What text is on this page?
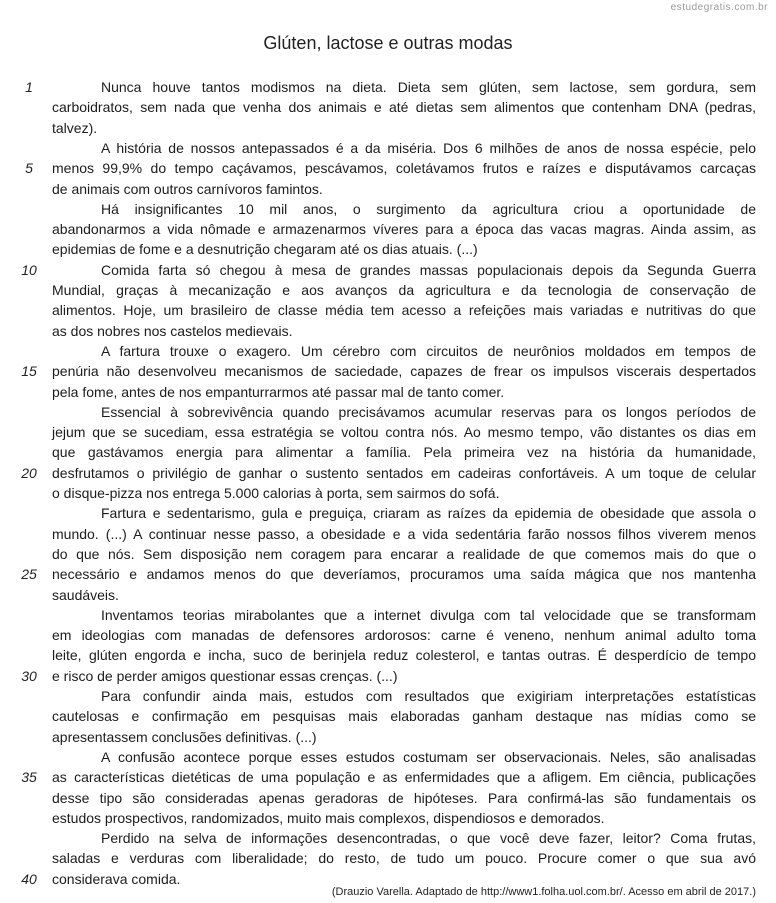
estudegratis.com.br
Glúten, lactose e outras modas
Nunca houve tantos modismos na dieta. Dieta sem glúten, sem lactose, sem gordura, sem
carboidratos, sem nada que venha dos animais e até dietas sem alimentos que contenham DNA (pedras,
talvez).
A história de nossos antepassados é a da miséria. Dos 6 milhões de anos de nossa espécie, pelo
menos 99,9% do tempo caçávamos, pescávamos, coletávamos frutos e raízes e disputávamos carcaças
de animais com outros carnívoros famintos.
Há insignificantes 10 mil anos, o surgimento da agricultura criou a oportunidade de
abandonarmos a vida nômade e armazenarmos víveres para a época das vacas magras. Ainda assim, as
epidemias de fome e a desnutrição chegaram até os dias atuais. (...)
Comida farta só chegou à mesa de grandes massas populacionais depois da Segunda Guerra
Mundial, graças à mecanização e aos avanços da agricultura e da tecnologia de conservação de
alimentos. Hoje, um brasileiro de classe média tem acesso a refeições mais variadas e nutritivas do que
as dos nobres nos castelos medievais.
A fartura trouxe o exagero. Um cérebro com circuitos de neurônios moldados em tempos de
penúria não desenvolveu mecanismos de saciedade, capazes de frear os impulsos viscerais despertados
pela fome, antes de nos empanturrarmos até passar mal de tanto comer.
Essencial à sobrevivência quando precisávamos acumular reservas para os longos períodos de
jejum que se sucediam, essa estratégia se voltou contra nós. Ao mesmo tempo, vão distantes os dias em
que gastávamos energia para alimentar a família. Pela primeira vez na história da humanidade,
desfrutamos o privilégio de ganhar o sustento sentados em cadeiras confortáveis. A um toque de celular
o disque-pizza nos entrega 5.000 calorias à porta, sem sairmos do sofá.
Fartura e sedentarismo, gula e preguiça, criaram as raízes da epidemia de obesidade que assola o
mundo. (...) A continuar nesse passo, a obesidade e a vida sedentária farão nossos filhos viverem menos
do que nós. Sem disposição nem coragem para encarar a realidade de que comemos mais do que o
necessário e andamos menos do que deveríamos, procuramos uma saída mágica que nos mantenha
saudáveis.
Inventamos teorias mirabolantes que a internet divulga com tal velocidade que se transformam
em ideologias com manadas de defensores ardorosos: carne é veneno, nenhum animal adulto toma
leite, glúten engorda e incha, suco de berinjela reduz colesterol, e tantas outras. É desperdício de tempo
e risco de perder amigos questionar essas crenças. (...)
Para confundir ainda mais, estudos com resultados que exigiriam interpretações estatísticas
cautelosas e confirmação em pesquisas mais elaboradas ganham destaque nas mídias como se
apresentassem conclusões definitivas. (...)
A confusão acontece porque esses estudos costumam ser observacionais. Neles, são analisadas
as características dietéticas de uma população e as enfermidades que a afligem. Em ciência, publicações
desse tipo são consideradas apenas geradoras de hipóteses. Para confirmá-las são fundamentais os
estudos prospectivos, randomizados, muito mais complexos, dispendiosos e demorados.
Perdido na selva de informações desencontradas, o que você deve fazer, leitor? Coma frutas,
saladas e verduras com liberalidade; do resto, de tudo um pouco. Procure comer o que sua avó
considerava comida.
1
5
10
15
20
25
30
35
40
(Drauzio Varella. Adaptado de http://www1.folha.uol.com.br/. Acesso em abril de 2017.)
